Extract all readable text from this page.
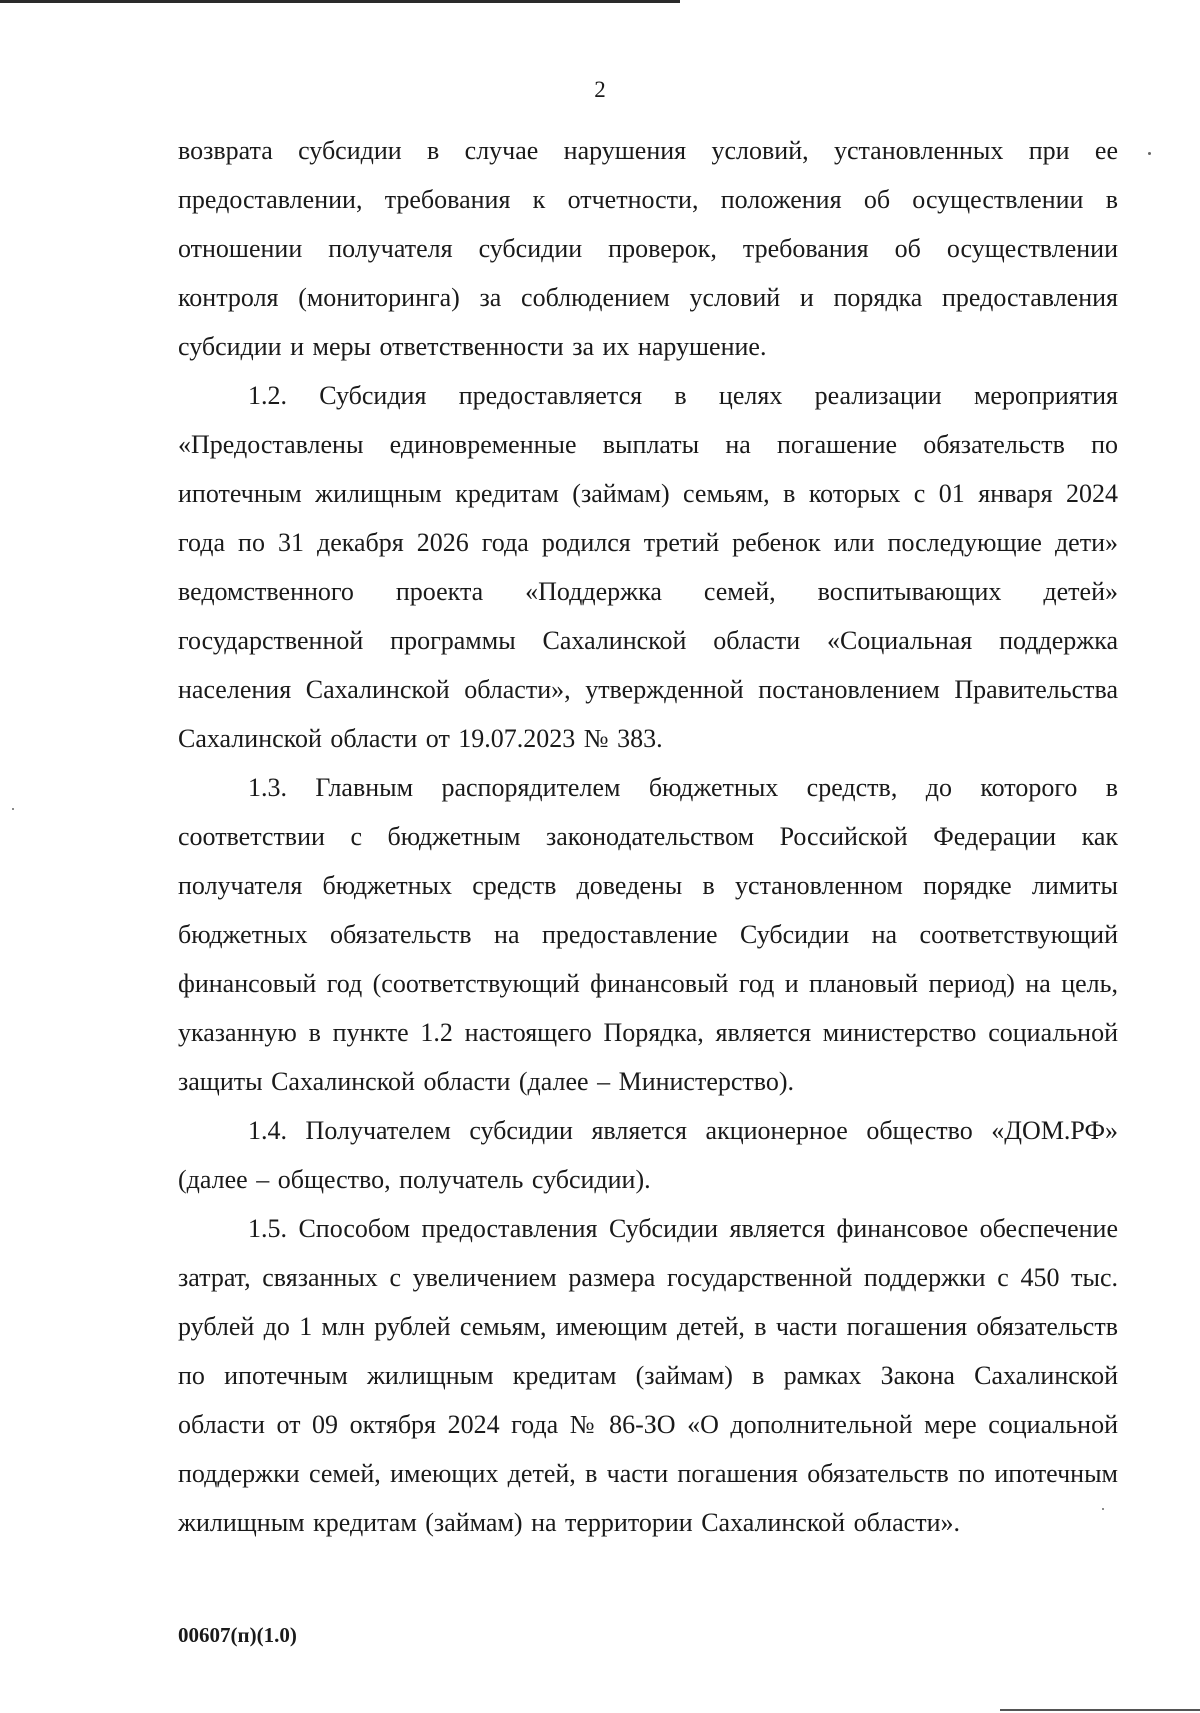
2

возврата субсидии в случае нарушения условий, установленных при ее предоставлении, требования к отчетности, положения об осуществлении в отношении получателя субсидии проверок, требования об осуществлении контроля (мониторинга) за соблюдением условий и порядка предоставления субсидии и меры ответственности за их нарушение.

1.2. Субсидия предоставляется в целях реализации мероприятия «Предоставлены единовременные выплаты на погашение обязательств по ипотечным жилищным кредитам (займам) семьям, в которых с 01 января 2024 года по 31 декабря 2026 года родился третий ребенок или последующие дети» ведомственного проекта «Поддержка семей, воспитывающих детей» государственной программы Сахалинской области «Социальная поддержка населения Сахалинской области», утвержденной постановлением Правительства Сахалинской области от 19.07.2023 № 383.

1.3. Главным распорядителем бюджетных средств, до которого в соответствии с бюджетным законодательством Российской Федерации как получателя бюджетных средств доведены в установленном порядке лимиты бюджетных обязательств на предоставление Субсидии на соответствующий финансовый год (соответствующий финансовый год и плановый период) на цель, указанную в пункте 1.2 настоящего Порядка, является министерство социальной защиты Сахалинской области (далее – Министерство).

1.4. Получателем субсидии является акционерное общество «ДОМ.РФ» (далее – общество, получатель субсидии).

1.5. Способом предоставления Субсидии является финансовое обеспечение затрат, связанных с увеличением размера государственной поддержки с 450 тыс. рублей до 1 млн рублей семьям, имеющим детей, в части погашения обязательств по ипотечным жилищным кредитам (займам) в рамках Закона Сахалинской области от 09 октября 2024 года № 86-ЗО «О дополнительной мере социальной поддержки семей, имеющих детей, в части погашения обязательств по ипотечным жилищным кредитам (займам) на территории Сахалинской области».

00607(п)(1.0)
